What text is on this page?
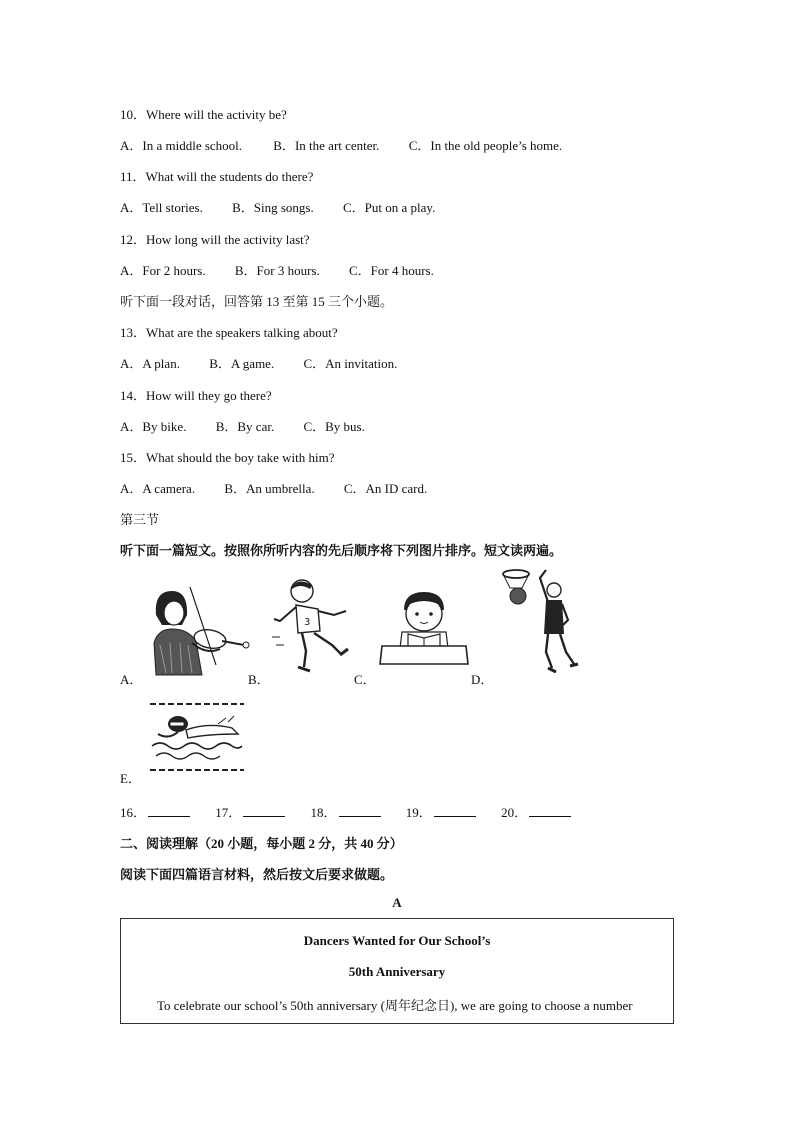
10．Where will the activity be?
A．In a middle school. B．In the art center. C．In the old people’s home.
11．What will the students do there?
A．Tell stories. B．Sing songs. C．Put on a play.
12．How long will the activity last?
A．For 2 hours. B．For 3 hours. C．For 4 hours.
听下面一段对话，回答第 13 至第 15 三个小题。
13．What are the speakers talking about?
A．A plan. B．A game. C．An invitation.
14．How will they go there?
A．By bike. B．By car. C．By bus.
15．What should the boy take with him?
A．A camera. B．An umbrella. C．An ID card.
第三节
听下面一篇短文。按照你所听内容的先后顺序将下列图片排序。短文读两遍。
A．
3
B．	C．	D．
E．
16．	17．	18．	19．	20．
二、阅读理解（20 小题，每小题 2 分，共 40 分）
阅读下面四篇语言材料，然后按文后要求做题。
A
Dancers Wanted for Our School’s
50th Anniversary
To celebrate our school’s 50th anniversary (周年纪念日), we are going to choose a number
